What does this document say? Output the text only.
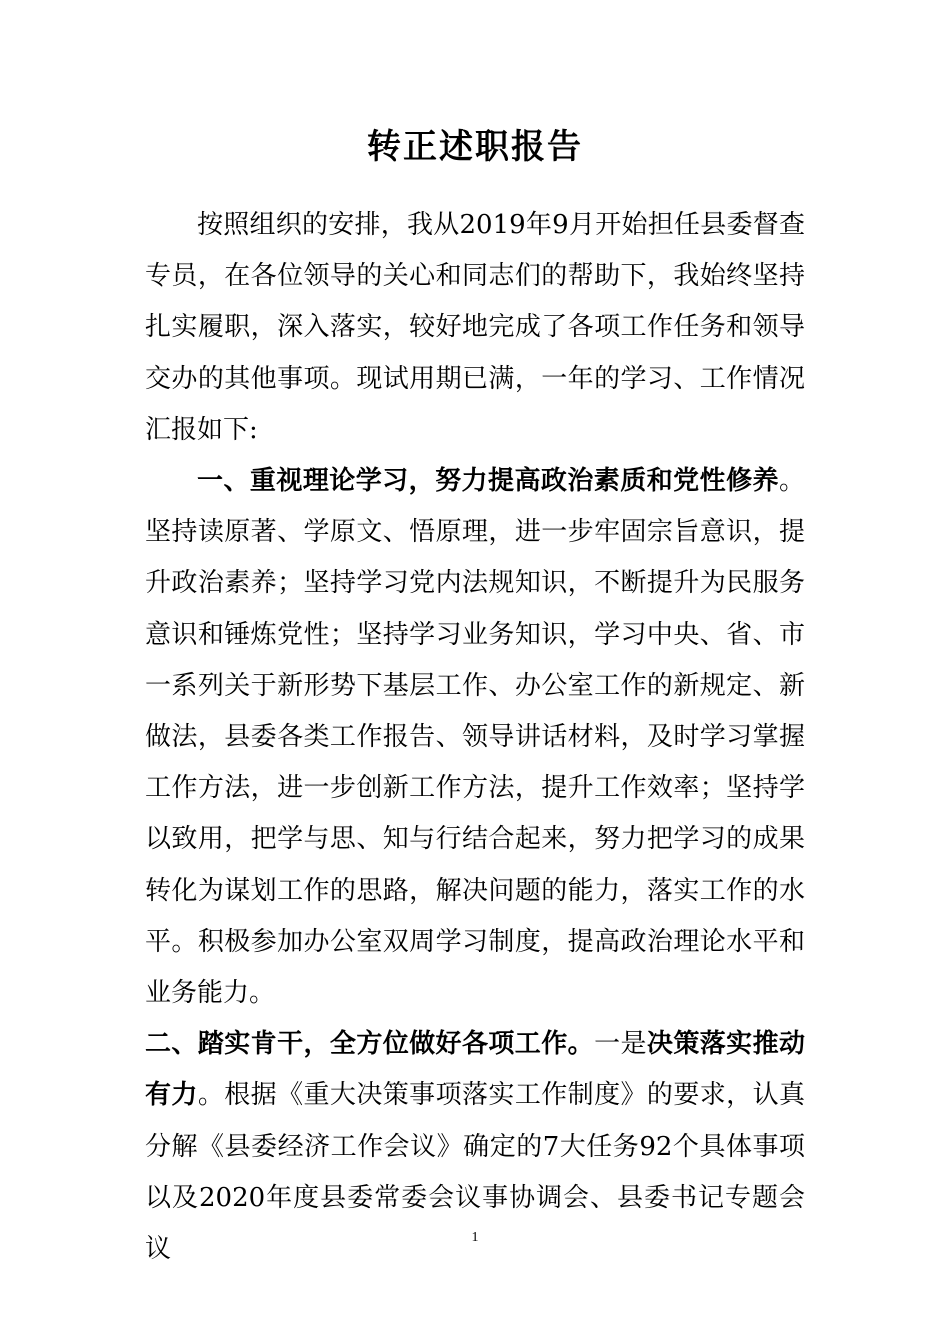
转正述职报告

按照组织的安排，我从2019年9月开始担任县委督查专员，在各位领导的关心和同志们的帮助下，我始终坚持扎实履职，深入落实，较好地完成了各项工作任务和领导交办的其他事项。现试用期已满，一年的学习、工作情况汇报如下:

一、重视理论学习，努力提高政治素质和党性修养。坚持读原著、学原文、悟原理，进一步牢固宗旨意识，提升政治素养；坚持学习党内法规知识，不断提升为民服务意识和锤炼党性；坚持学习业务知识，学习中央、省、市一系列关于新形势下基层工作、办公室工作的新规定、新做法，县委各类工作报告、领导讲话材料，及时学习掌握工作方法，进一步创新工作方法，提升工作效率；坚持学以致用，把学与思、知与行结合起来，努力把学习的成果转化为谋划工作的思路，解决问题的能力，落实工作的水平。积极参加办公室双周学习制度，提高政治理论水平和业务能力。

二、踏实肯干，全方位做好各项工作。一是决策落实推动有力。根据《重大决策事项落实工作制度》的要求，认真分解《县委经济工作会议》确定的7大任务92个具体事项以及2020年度县委常委会议事协调会、县委书记专题会议	1
